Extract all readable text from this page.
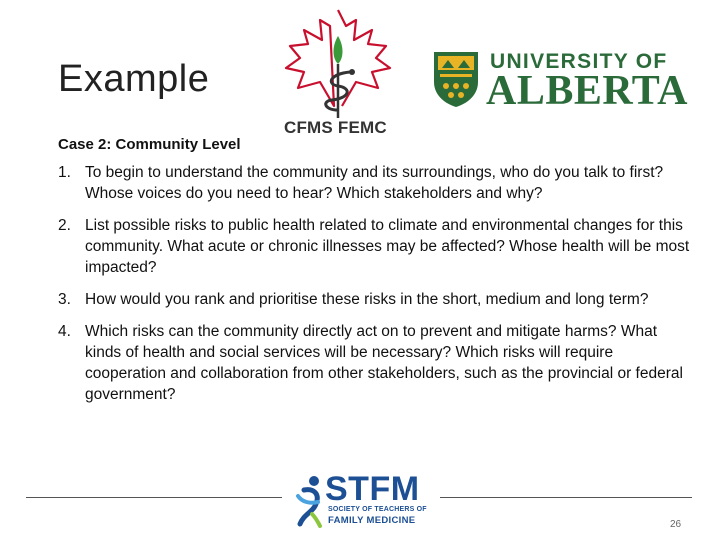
Example
CFMS FEMC
UNIVERSITY OF
ALBERTA
Case 2: Community Level
1. To begin to understand the community and its surroundings, who do you talk to first? Whose voices do you need to hear? Which stakeholders and why?
2. List possible risks to public health related to climate and environmental changes for this community. What acute or chronic illnesses may be affected? Whose health will be most impacted?
3. How would you rank and prioritise these risks in the short, medium and long term?
4. Which risks can the community directly act on to prevent and mitigate harms? What kinds of health and social services will be necessary? Which risks will require cooperation and collaboration from other stakeholders, such as the provincial or federal government?
STFM
SOCIETY OF TEACHERS OF
FAMILY MEDICINE	26
